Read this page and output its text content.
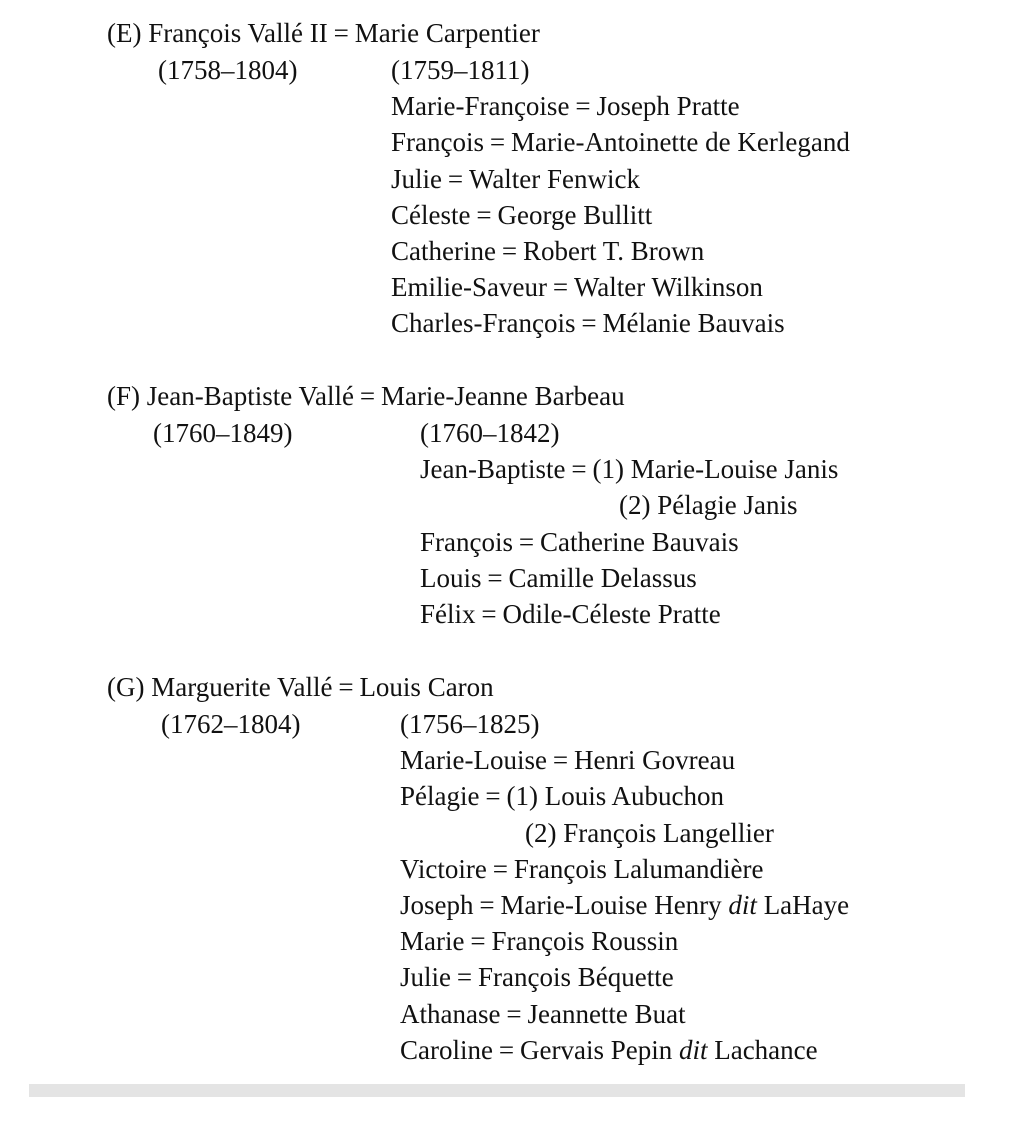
(E) François Vallé II = Marie Carpentier
(1758–1804)	(1759–1811)
Marie-Françoise = Joseph Pratte
François = Marie-Antoinette de Kerlegand
Julie = Walter Fenwick
Céleste = George Bullitt
Catherine = Robert T. Brown
Emilie-Saveur = Walter Wilkinson
Charles-François = Mélanie Bauvais
(F) Jean-Baptiste Vallé = Marie-Jeanne Barbeau
(1760–1849)	(1760–1842)
Jean-Baptiste = (1) Marie-Louise Janis
(2) Pélagie Janis
François = Catherine Bauvais
Louis = Camille Delassus
Félix = Odile-Céleste Pratte
(G) Marguerite Vallé = Louis Caron
(1762–1804)	(1756–1825)
Marie-Louise = Henri Govreau
Pélagie = (1) Louis Aubuchon
(2) François Langellier
Victoire = François Lalumandière
Joseph = Marie-Louise Henry dit LaHaye
Marie = François Roussin
Julie = François Béquette
Athanase = Jeannette Buat
Caroline = Gervais Pepin dit Lachance
